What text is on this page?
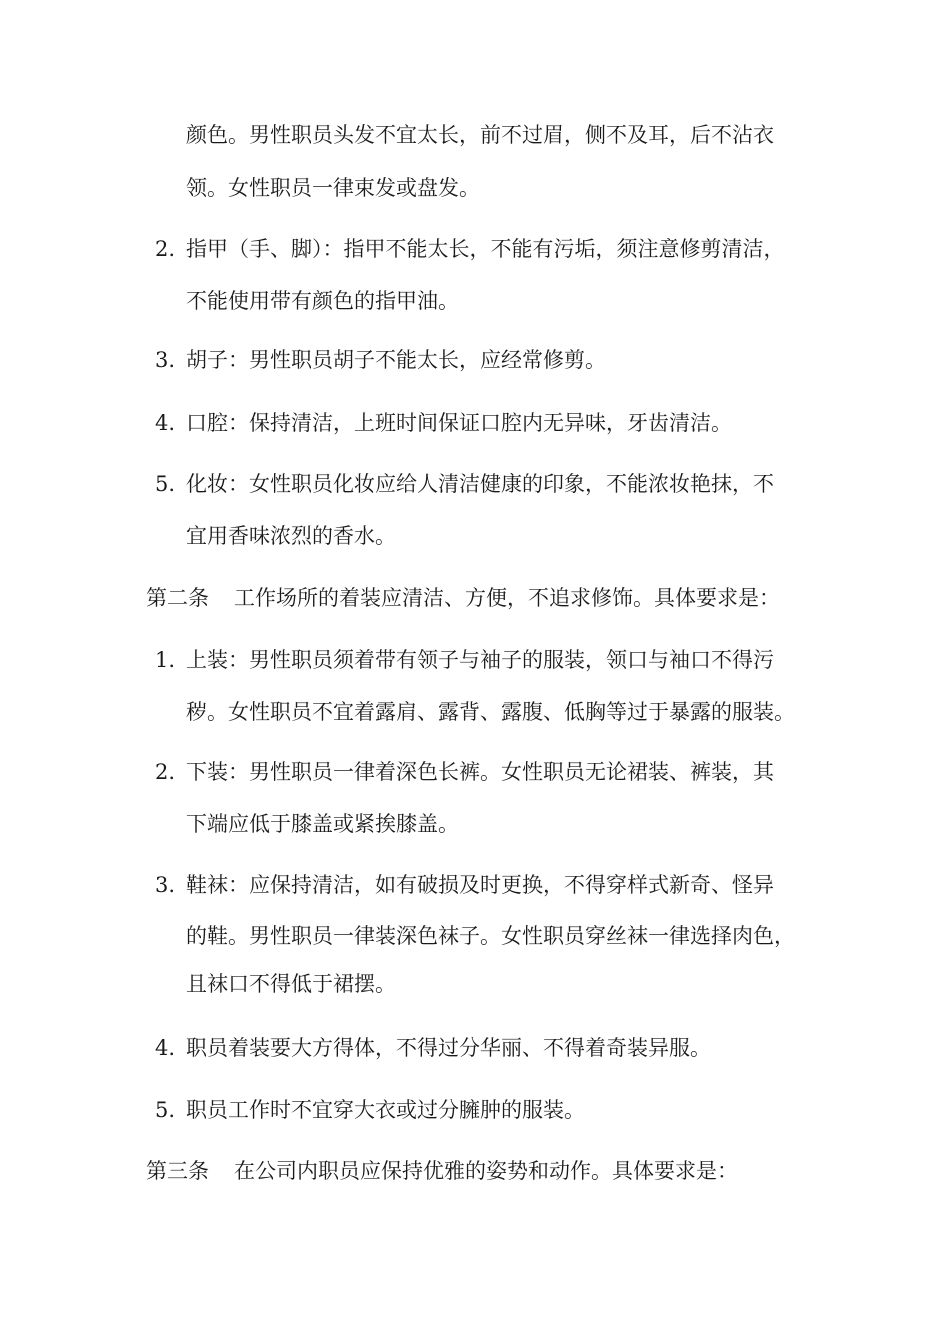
颜色。男性职员头发不宜太长，前不过眉，侧不及耳，后不沾衣
领。女性职员一律束发或盘发。
2. 指甲（手、脚）：指甲不能太长，不能有污垢，须注意修剪清洁，
不能使用带有颜色的指甲油。
3. 胡子：男性职员胡子不能太长，应经常修剪。
4. 口腔：保持清洁，上班时间保证口腔内无异味，牙齿清洁。
5. 化妆：女性职员化妆应给人清洁健康的印象，不能浓妆艳抹，不
宜用香味浓烈的香水。
第二条 工作场所的着装应清洁、方便，不追求修饰。具体要求是：
1. 上装：男性职员须着带有领子与袖子的服装，领口与袖口不得污
秽。女性职员不宜着露肩、露背、露腹、低胸等过于暴露的服装。
2. 下装：男性职员一律着深色长裤。女性职员无论裙装、裤装，其
下端应低于膝盖或紧挨膝盖。
3. 鞋袜：应保持清洁，如有破损及时更换，不得穿样式新奇、怪异
的鞋。男性职员一律装深色袜子。女性职员穿丝袜一律选择肉色，
且袜口不得低于裙摆。
4. 职员着装要大方得体，不得过分华丽、不得着奇装异服。
5. 职员工作时不宜穿大衣或过分臃肿的服装。
第三条 在公司内职员应保持优雅的姿势和动作。具体要求是：
